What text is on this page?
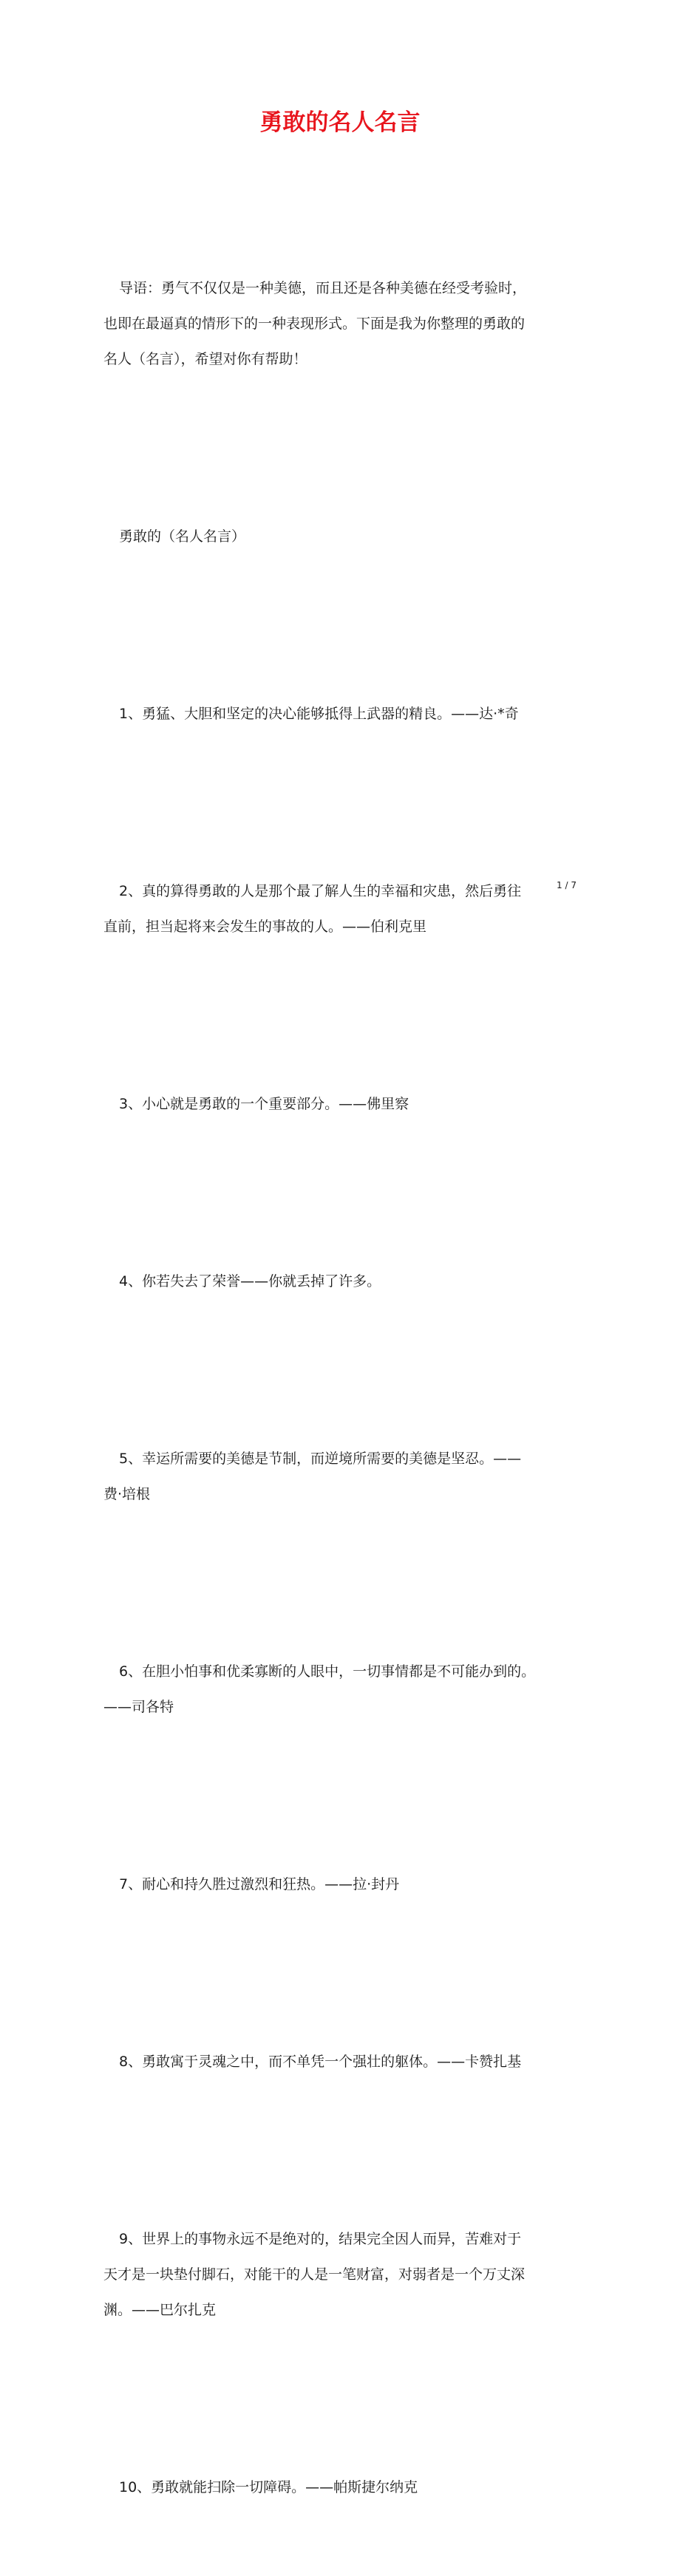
勇敢的名人名言

导语：勇气不仅仅是一种美德，而且还是各种美德在经受考验时，
也即在最逼真的情形下的一种表现形式。下面是我为你整理的勇敢的
名人（名言），希望对你有帮助！

勇敢的（名人名言）

1、勇猛、大胆和坚定的决心能够抵得上武器的精良。——达·*奇

2、真的算得勇敢的人是那个最了解人生的幸福和灾患，然后勇往
直前，担当起将来会发生的事故的人。——伯利克里

3、小心就是勇敢的一个重要部分。——佛里察

4、你若失去了荣誉——你就丢掉了许多。

5、幸运所需要的美德是节制，而逆境所需要的美德是坚忍。——
费·培根

6、在胆小怕事和优柔寡断的人眼中，一切事情都是不可能办到的。
——司各特

7、耐心和持久胜过激烈和狂热。——拉·封丹

8、勇敢寓于灵魂之中，而不单凭一个强壮的躯体。——卡赞扎基

9、世界上的事物永远不是绝对的，结果完全因人而异，苦难对于
天才是一块垫付脚石，对能干的人是一笔财富，对弱者是一个万丈深
渊。——巴尔扎克

10、勇敢就能扫除一切障碍。——帕斯捷尔纳克

1 / 7
